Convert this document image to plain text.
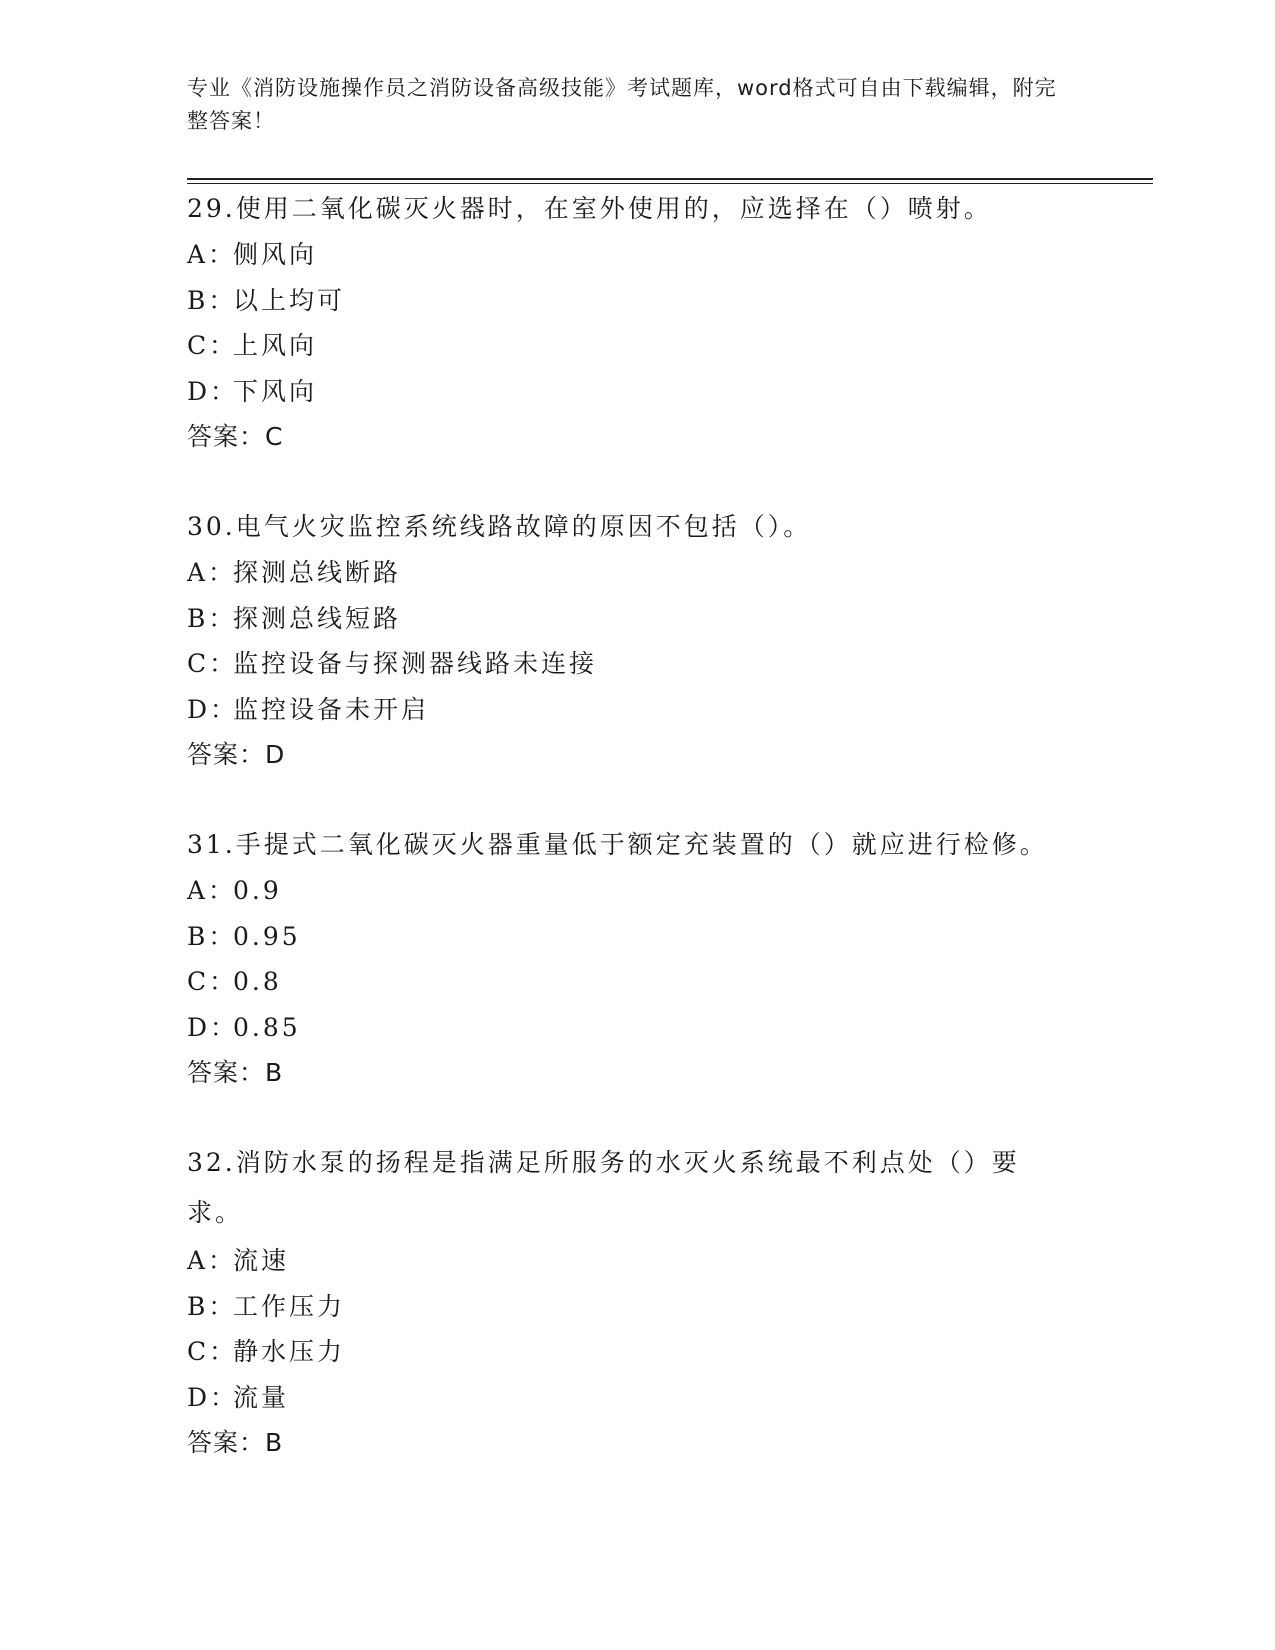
专业《消防设施操作员之消防设备高级技能》考试题库，word格式可自由下载编辑，附完整答案！
29.使用二氧化碳灭火器时，在室外使用的，应选择在（）喷射。
A：侧风向
B：以上均可
C：上风向
D：下风向
答案：C
30.电气火灾监控系统线路故障的原因不包括（）。
A：探测总线断路
B：探测总线短路
C：监控设备与探测器线路未连接
D：监控设备未开启
答案：D
31.手提式二氧化碳灭火器重量低于额定充装置的（）就应进行检修。
A：0.9
B：0.95
C：0.8
D：0.85
答案：B
32.消防水泵的扬程是指满足所服务的水灭火系统最不利点处（）要求。
A：流速
B：工作压力
C：静水压力
D：流量
答案：B
